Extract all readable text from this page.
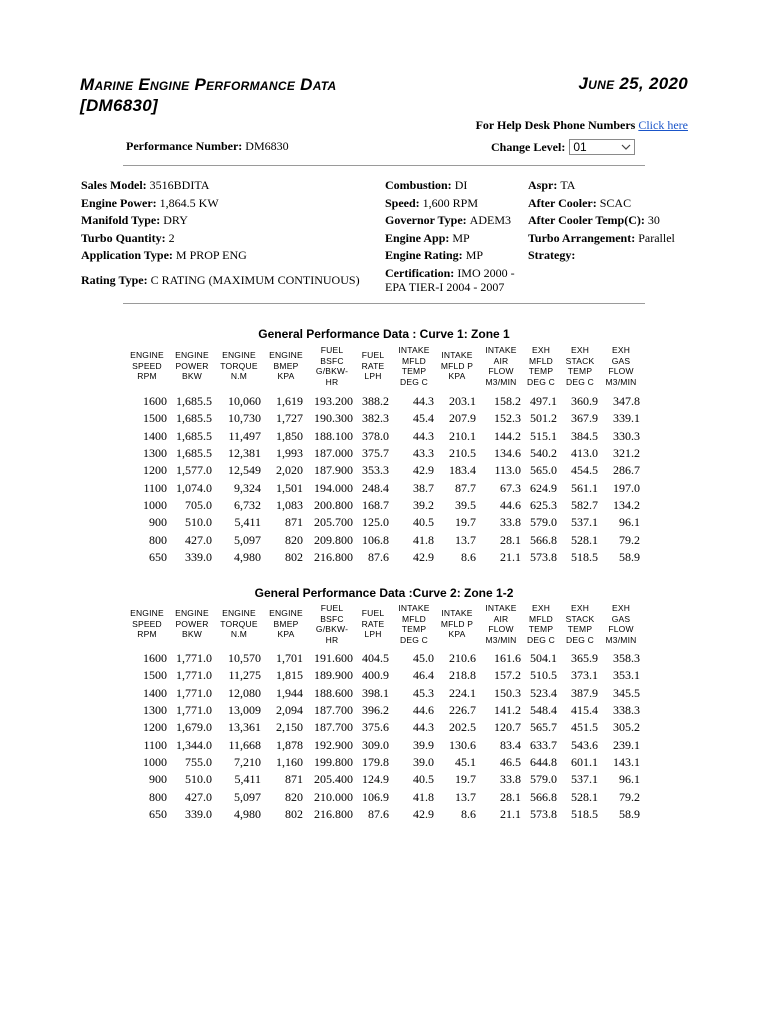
Marine Engine Performance Data
[DM6830]
June 25, 2020
For Help Desk Phone Numbers Click here
Performance Number: DM6830	Change Level: 01
General Performance Data : Curve 1: Zone 1
ENGINE
SPEED
RPM
ENGINE
POWER
BKW
ENGINE
TORQUE
N.M
ENGINE
BMEP
KPA
FUEL
BSFC
G/BKW-
HR
FUEL
RATE
LPH
INTAKE
MFLD
TEMP
DEG C
INTAKE
MFLD P
KPA
INTAKE
AIR
FLOW
M3/MIN
EXH
MFLD
TEMP
DEG C
EXH
STACK
TEMP
DEG C
EXH
GAS
FLOW
M3/MIN
1600 1,685.5 10,060 1,619 193.200 388.2 44.3 203.1 158.2 497.1 360.9 347.8
1500 1,685.5 10,730 1,727 190.300 382.3 45.4 207.9 152.3 501.2 367.9 339.1
1400 1,685.5 11,497 1,850 188.100 378.0 44.3 210.1 144.2 515.1 384.5 330.3
1300 1,685.5 12,381 1,993 187.000 375.7 43.3 210.5 134.6 540.2 413.0 321.2
1200 1,577.0 12,549 2,020 187.900 353.3 42.9 183.4 113.0 565.0 454.5 286.7
1100 1,074.0 9,324 1,501 194.000 248.4 38.7 87.7 67.3 624.9 561.1 197.0
1000 705.0 6,732 1,083 200.800 168.7 39.2 39.5 44.6 625.3 582.7 134.2
900 510.0 5,411 871 205.700 125.0 40.5 19.7 33.8 579.0 537.1 96.1
800 427.0 5,097 820 209.800 106.8 41.8 13.7 28.1 566.8 528.1 79.2
650 339.0 4,980 802 216.800 87.6 42.9 8.6 21.1 573.8 518.5 58.9
General Performance Data :Curve 2: Zone 1-2
ENGINE
SPEED
RPM
ENGINE
POWER
BKW
ENGINE
TORQUE
N.M
ENGINE
BMEP
KPA
FUEL
BSFC
G/BKW-
HR
FUEL
RATE
LPH
INTAKE
MFLD
TEMP
DEG C
INTAKE
MFLD P
KPA
INTAKE
AIR
FLOW
M3/MIN
EXH
MFLD
TEMP
DEG C
EXH
STACK
TEMP
DEG C
EXH
GAS
FLOW
M3/MIN
1600 1,771.0 10,570 1,701 191.600 404.5 45.0 210.6 161.6 504.1 365.9 358.3
1500 1,771.0 11,275 1,815 189.900 400.9 46.4 218.8 157.2 510.5 373.1 353.1
1400 1,771.0 12,080 1,944 188.600 398.1 45.3 224.1 150.3 523.4 387.9 345.5
1300 1,771.0 13,009 2,094 187.700 396.2 44.6 226.7 141.2 548.4 415.4 338.3
1200 1,679.0 13,361 2,150 187.700 375.6 44.3 202.5 120.7 565.7 451.5 305.2
1100 1,344.0 11,668 1,878 192.900 309.0 39.9 130.6 83.4 633.7 543.6 239.1
1000 755.0 7,210 1,160 199.800 179.8 39.0 45.1 46.5 644.8 601.1 143.1
900 510.0 5,411 871 205.400 124.9 40.5 19.7 33.8 579.0 537.1 96.1
800 427.0 5,097 820 210.000 106.9 41.8 13.7 28.1 566.8 528.1 79.2
650 339.0 4,980 802 216.800 87.6 42.9 8.6 21.1 573.8 518.5 58.9
Sales Model: 3516BDITA
Engine Power: 1,864.5 KW
Manifold Type: DRY
Turbo Quantity: 2
Application Type: M PROP ENG
Rating Type: C RATING (MAXIMUM CONTINUOUS)
Combustion: DI
Speed: 1,600 RPM
Governor Type: ADEM3
Engine App: MP
Engine Rating: MP
Certification: IMO 2000 -
EPA TIER-I 2004 - 2007
Aspr: TA
After Cooler: SCAC
After Cooler Temp(C): 30
Turbo Arrangement: Parallel
Strategy:
